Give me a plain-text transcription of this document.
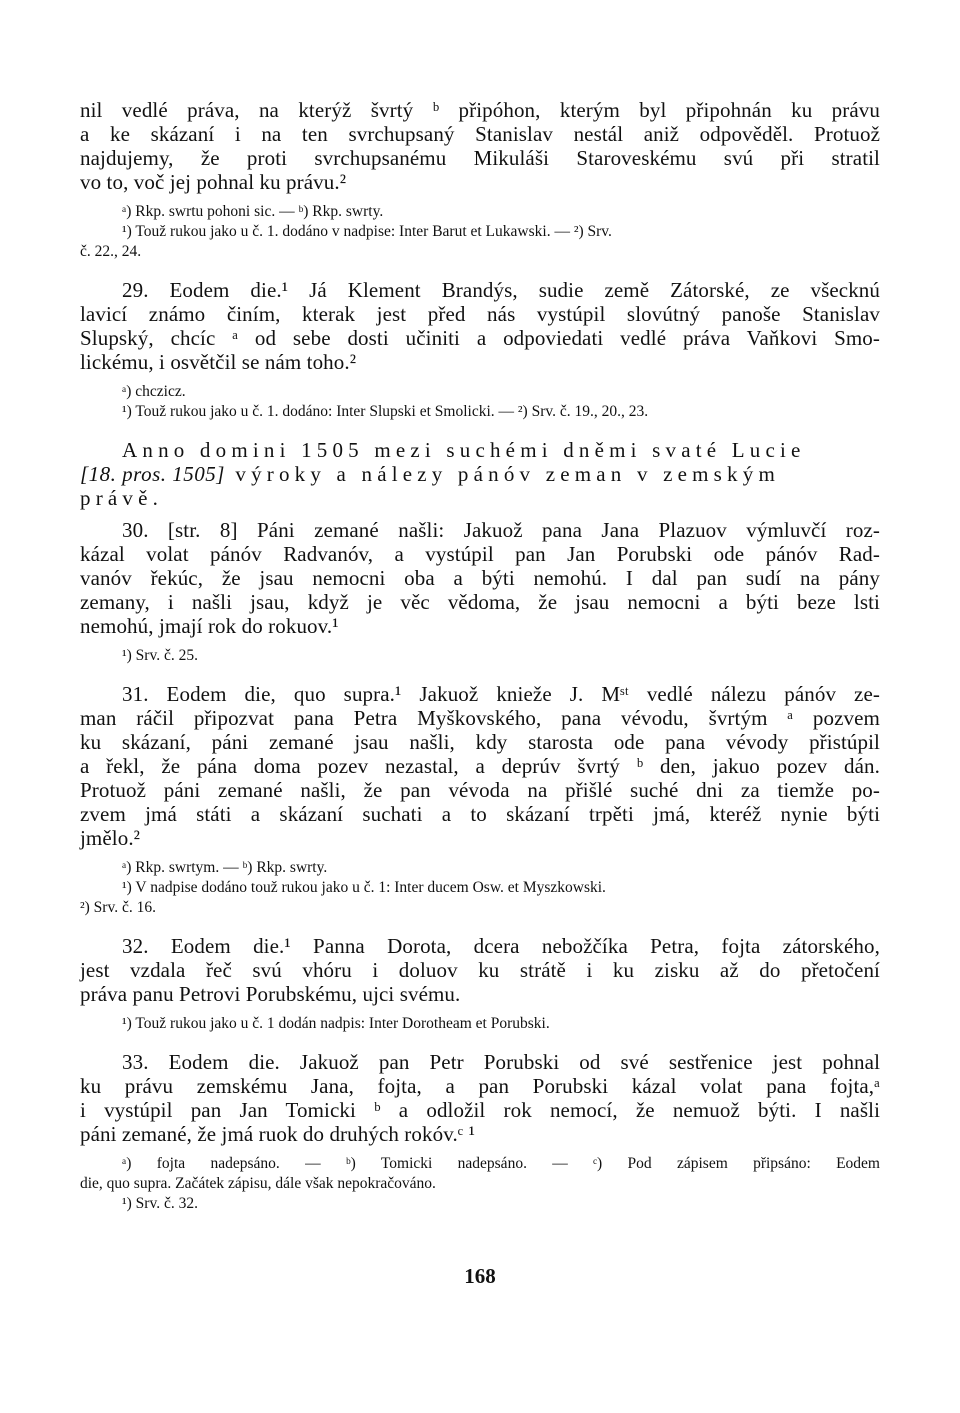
nil vedlé práva, na kterýž švrtý ᵇ připóhon, kterým byl připohnán ku právu
a ke skázaní i na ten svrchupsaný Stanislav nestál aniž odpověděl. Protuož
najdujemy, že proti svrchupsanému Mikuláši Staroveskému svú při stratil
vo to, voč jej pohnal ku právu.²
ᵃ) Rkp. swrtu pohoni sic. — ᵇ) Rkp. swrty.
¹) Touž rukou jako u č. 1. dodáno v nadpise: Inter Barut et Lukawski. — ²) Srv.
č. 22., 24.
29. Eodem die.¹ Já Klement Brandýs, sudie země Zátorské, ze všecknú
lavicí známo činím, kterak jest před nás vystúpil slovútný panoše Stanislav
Slupský, chcíc ᵃ od sebe dosti učiniti a odpoviedati vedlé práva Vaňkovi Smo-
lickému, i osvětčil se nám toho.²
ᵃ) chczicz.
¹) Touž rukou jako u č. 1. dodáno: Inter Slupski et Smolicki. — ²) Srv. č. 19., 20., 23.
Anno domini 1505 mezi suchémi dněmi svaté Lucie
[18. pros. 1505] výroky a nálezy pánóv zeman v zemským
právě.
30. [str. 8] Páni zemané našli: Jakuož pana Jana Plazuov výmluvčí roz-
kázal volat pánóv Radvanóv, a vystúpil pan Jan Porubski ode pánóv Rad-
vanóv řekúc, že jsau nemocni oba a býti nemohú. I dal pan sudí na pány
zemany, i našli jsau, když je věc vědoma, že jsau nemocni a býti beze lsti
nemohú, jmají rok do rokuov.¹
¹) Srv. č. 25.
31. Eodem die, quo supra.¹ Jakuož knieže J. Mˢᵗ vedlé nálezu pánóv ze-
man ráčil připozvat pana Petra Myškovského, pana vévodu, švrtým ᵃ pozvem
ku skázaní, páni zemané jsau našli, kdy starosta ode pana vévody přistúpil
a řekl, že pána doma pozev nezastal, a deprúv švrtý ᵇ den, jakuo pozev dán.
Protuož páni zemané našli, že pan vévoda na přišlé suché dni za tiemže po-
zvem jmá státi a skázaní suchati a to skázaní trpěti jmá, kteréž nynie býti
jmělo.²
ᵃ) Rkp. swrtym. — ᵇ) Rkp. swrty.
¹) V nadpise dodáno touž rukou jako u č. 1: Inter ducem Osw. et Myszkowski.
²) Srv. č. 16.
32. Eodem die.¹ Panna Dorota, dcera nebožčíka Petra, fojta zátorského,
jest vzdala řeč svú vhóru i doluov ku strátě i ku zisku až do přetočení
práva panu Petrovi Porubskému, ujci svému.
¹) Touž rukou jako u č. 1 dodán nadpis: Inter Dorotheam et Porubski.
33. Eodem die. Jakuož pan Petr Porubski od své sestřenice jest pohnal
ku právu zemskému Jana, fojta, a pan Porubski kázal volat pana fojta,ᵃ
i vystúpil pan Jan Tomicki ᵇ a odložil rok nemocí, že nemuož býti. I našli
páni zemané, že jmá ruok do druhých rokóv.ᶜ ¹
ᵃ) fojta nadepsáno. — ᵇ) Tomicki nadepsáno. — ᶜ) Pod zápisem připsáno: Eodem
die, quo supra. Začátek zápisu, dále však nepokračováno.
¹) Srv. č. 32.
168
